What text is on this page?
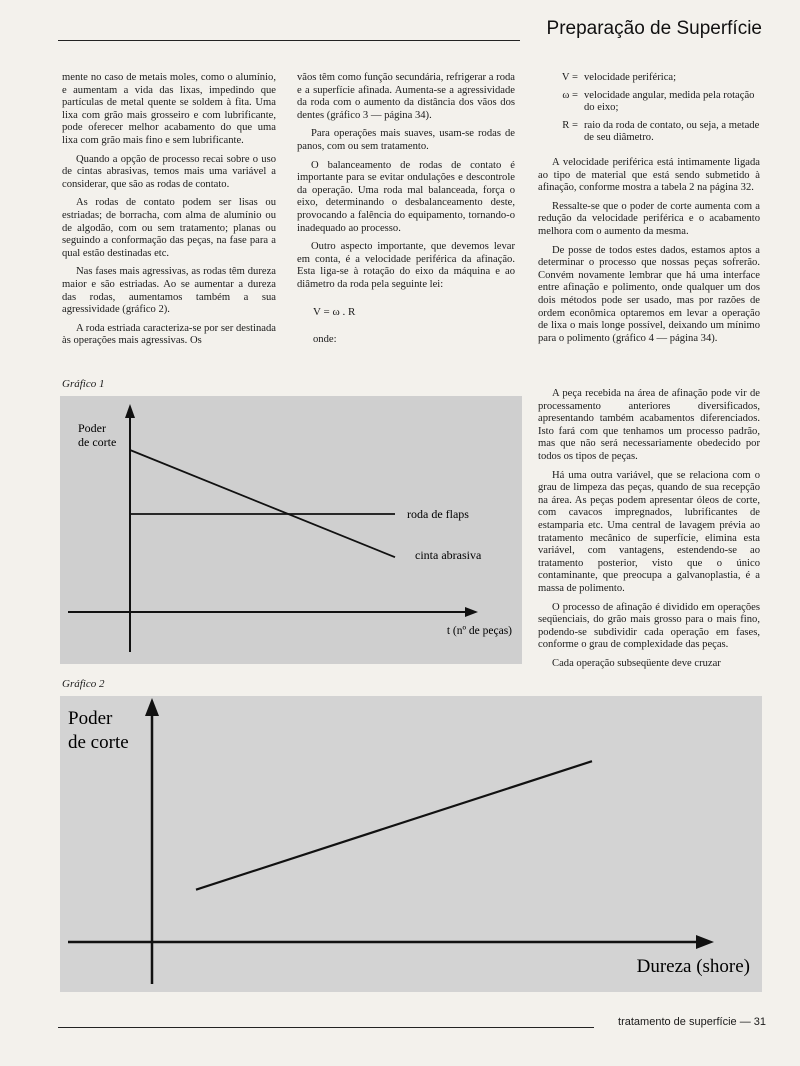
Preparação de Superfície

mente no caso de metais moles, como o alumínio, e aumentam a vida das lixas, impedindo que partículas de metal quente se soldem à fita. Uma lixa com grão mais grosseiro e com lubrificante, pode oferecer melhor acabamento do que uma lixa com grão mais fino e sem lubrificante.

Quando a opção de processo recai sobre o uso de cintas abrasivas, temos mais uma variável a considerar, que são as rodas de contato.

As rodas de contato podem ser lisas ou estriadas; de borracha, com alma de alumínio ou de algodão, com ou sem tratamento; planas ou seguindo a conformação das peças, na fase para a qual estão destinadas etc.

Nas fases mais agressivas, as rodas têm dureza maior e são estriadas. Ao se aumentar a dureza das rodas, aumentamos também a sua agressividade (gráfico 2).

A roda estriada caracteriza-se por ser destinada às operações mais agressivas. Os

vãos têm como função secundária, refrigerar a roda e a superfície afinada. Aumenta-se a agressividade da roda com o aumento da distância dos vãos dos dentes (gráfico 3 — página 34).

Para operações mais suaves, usam-se rodas de panos, com ou sem tratamento.

O balanceamento de rodas de contato é importante para se evitar ondulações e descontrole da operação. Uma roda mal balanceada, força o eixo, determinando o desbalanceamento deste, provocando a falência do equipamento, tornando-o inadequado ao processo.

Outro aspecto importante, que devemos levar em conta, é a velocidade periférica da afinação. Esta liga-se à rotação do eixo da máquina e ao diâmetro da roda pela seguinte lei:

V = ω . R

onde:

V = velocidade periférica;
ω = velocidade angular, medida pela rotação do eixo;
R = raio da roda de contato, ou seja, a metade de seu diâmetro.

A velocidade periférica está intimamente ligada ao tipo de material que está sendo submetido à afinação, conforme mostra a tabela 2 na página 32.

Ressalte-se que o poder de corte aumenta com a redução da velocidade periférica e o acabamento melhora com o aumento da mesma.

De posse de todos estes dados, estamos aptos a determinar o processo que nossas peças sofrerão. Convém novamente lembrar que há uma interface entre afinação e polimento, onde qualquer um dos dois métodos pode ser usado, mas por razões de ordem econômica optaremos em levar a operação de lixa o mais longe possível, deixando um mínimo para o polimento (gráfico 4 — página 34).

A peça recebida na área de afinação pode vir de processamento anteriores diversificados, apresentando também acabamentos diferenciados. Isto fará com que tenhamos um processo padrão, mas que não será necessariamente obedecido por todos os tipos de peças.

Há uma outra variável, que se relaciona com o grau de limpeza das peças, quando de sua recepção na área. As peças podem apresentar óleos de corte, com cavacos impregnados, lubrificantes de estamparia etc. Uma central de lavagem prévia ao tratamento mecânico de superfície, elimina esta variável, com vantagens, estendendo-se ao tratamento posterior, visto que o único contaminante, que preocupa a galvanoplastia, é a massa de polimento.

O processo de afinação é dividido em operações seqüenciais, do grão mais grosso para o mais fino, podendo-se subdividir cada operação em fases, conforme o grau de complexidade das peças.

Cada operação subseqüente deve cruzar

Gráfico 1
Poder
de corte
t (nº de peças)
roda de flaps
cinta abrasiva
Gráfico 2
Poder
de corte
Dureza (shore)
tratamento de superfície — 31
